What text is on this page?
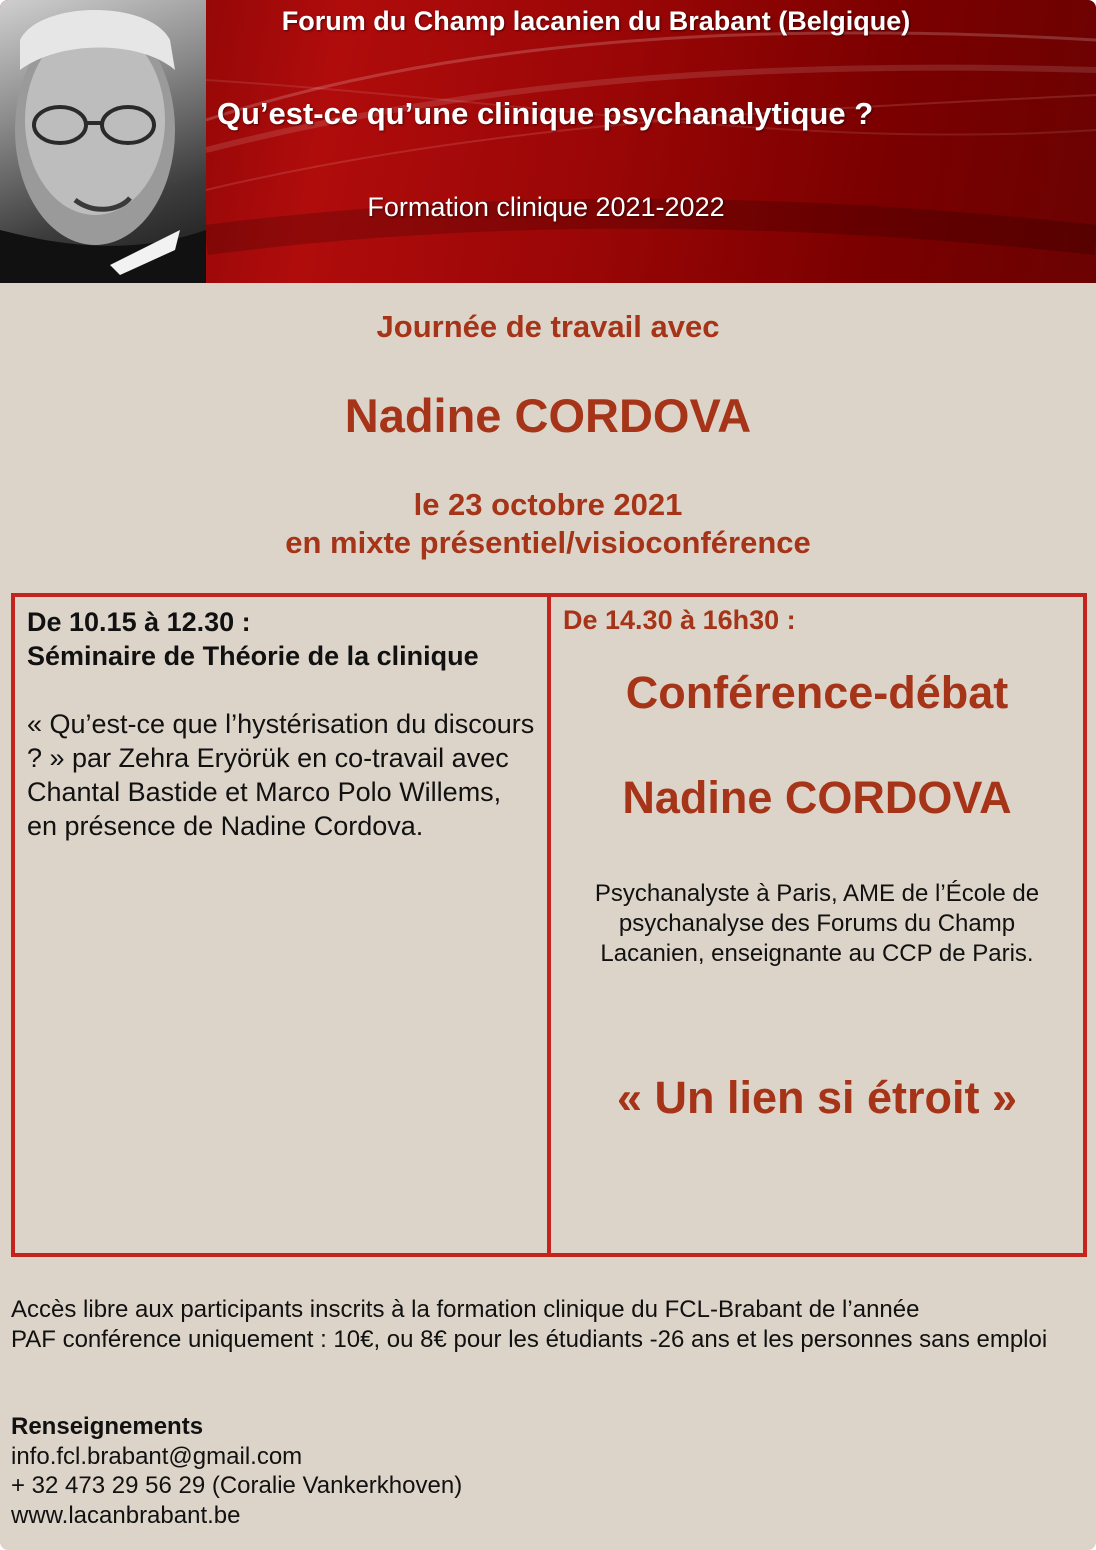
Forum du Champ lacanien du Brabant (Belgique)
Qu’est-ce qu’une clinique psychanalytique ?
Formation clinique 2021-2022
Journée de travail avec
Nadine CORDOVA
le 23 octobre 2021
en mixte présentiel/visioconférence
De 10.15 à 12.30 :
Séminaire de Théorie de la clinique
« Qu’est-ce que l’hystérisation du discours ? » par Zehra Eryörük en co-travail avec Chantal Bastide et Marco Polo Willems, en présence de Nadine Cordova.
De 14.30 à 16h30 :
Conférence-débat
Nadine CORDOVA
Psychanalyste à Paris, AME de l’École de psychanalyse des Forums du Champ Lacanien, enseignante au CCP de Paris.
« Un lien si étroit »
Accès libre aux participants inscrits à la formation clinique du FCL-Brabant de l’année
PAF conférence uniquement : 10€, ou 8€ pour les étudiants -26 ans et les personnes sans emploi
Renseignements
info.fcl.brabant@gmail.com
+ 32 473 29 56 29 (Coralie Vankerkhoven)
www.lacanbrabant.be
